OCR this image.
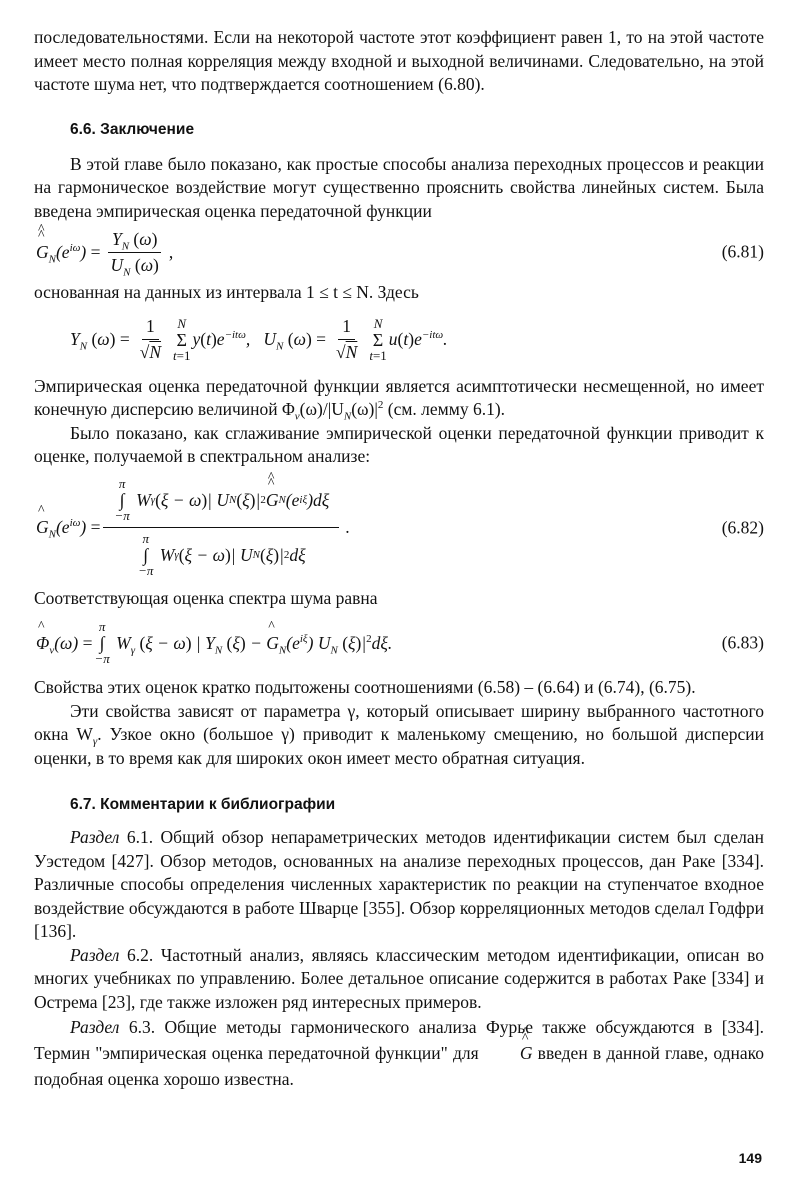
последовательностями. Если на некоторой частоте этот коэффициент равен 1, то на этой частоте имеет место полная корреляция между входной и выходной величинами. Следовательно, на этой частоте шума нет, что подтверждается соотношением (6.80).

6.6. Заключение

В этой главе было показано, как простые способы анализа переходных процессов и реакции на гармоническое воздействие могут существенно прояснить свойства линейных систем. Была введена эмпирическая оценка передаточной функции

^ G $\^{}_N(e^{i\omega}) = \frac{Y_N (\omega)}{U_N (\omega)}$ ,	(6.81)

основанная на данных из интервала 1 ≤ t ≤ N. Здесь

$Y_N$ $(\omega) = \frac{1}{√N}$ N
Σ
t=1
$y(t)e^{-it\omega}$,   $U_N$ $(\omega) = \frac{1}{√N}$ N
Σ
t=1
$u(t)e^{-it\omega}$.

Эмпирическая оценка передаточной функции является асимптотически несмещенной, но имеет конечную дисперсию величиной $\Phi_v(\omega)/|U_N(\omega)|^2$ (см. лемму 6.1).

Было показано, как сглаживание эмпирической оценки передаточной функции приводит к оценке, получаемой в спектральном анализе:

^ $G_N(e^{i\omega}) = \pi$
∫
−π
W γ ( ξ − ω ) | U N ( ξ ) | 2 ^ G ^ N (e iξ )dξ
π
∫
−π
W γ ( ξ − ω ) | U N ( ξ ) | 2 dξ .	(6.82)

Соответствующая оценка спектра шума равна

^ $\Phi_v(\omega)$ =
π
∫
−π
$W_\gamma$ (ξ − ω) | $Y_N$ (ξ) − ^ $G_N(e^{i\xi})$ $U_N$ $(\xi)|^2d\xi$.	(6.83)

Свойства этих оценок кратко подытожены соотношениями (6.58) – (6.64) и (6.74), (6.75).

Эти свойства зависят от параметра γ, который описывает ширину выбранного частотного окна $W_\gamma$. Узкое окно (большое γ) приводит к маленькому смещению, но большой дисперсии оценки, в то время как для широких окон имеет место обратная ситуация.

6.7. Комментарии к библиографии

Раздел 6.1. Общий обзор непараметрических методов идентификации систем был сделан Уэстедом [427]. Обзор методов, основанных на анализе переходных процессов, дан Раке [334]. Различные способы определения численных характеристик по реакции на ступенчатое входное воздействие обсуждаются в работе Шварце [355]. Обзор корреляционных методов сделал Годфри [136].

Раздел 6.2. Частотный анализ, являясь классическим методом идентификации, описан во многих учебниках по управлению. Более детальное описание содержится в работах Раке [334] и Острема [23], где также изложен ряд интересных примеров.

Раздел 6.3. Общие методы гармонического анализа Фурье также обсуждаются в [334]. Термин "эмпирическая оценка передаточной функции" для ^ G ^ введен в данной главе, однако подобная оценка хорошо известна.

149
